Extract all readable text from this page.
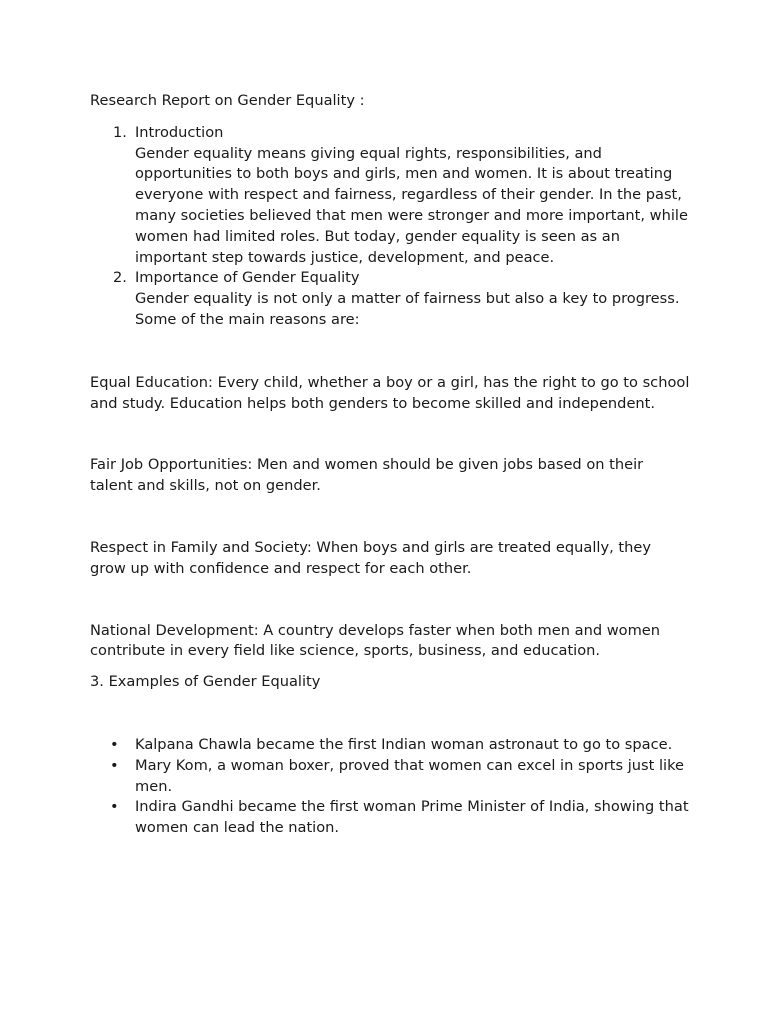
Research Report on Gender Equality :

1. Introduction

Gender equality means giving equal rights, responsibilities, and opportunities to both boys and girls, men and women. It is about treating everyone with respect and fairness, regardless of their gender. In the past, many societies believed that men were stronger and more important, while women had limited roles. But today, gender equality is seen as an important step towards justice, development, and peace.

2. Importance of Gender Equality

Gender equality is not only a matter of fairness but also a key to progress. Some of the main reasons are:

Equal Education: Every child, whether a boy or a girl, has the right to go to school and study. Education helps both genders to become skilled and independent.

Fair Job Opportunities: Men and women should be given jobs based on their talent and skills, not on gender.

Respect in Family and Society: When boys and girls are treated equally, they grow up with confidence and respect for each other.

National Development: A country develops faster when both men and women contribute in every field like science, sports, business, and education.

3. Examples of Gender Equality

• Kalpana Chawla became the first Indian woman astronaut to go to space.
• Mary Kom, a woman boxer, proved that women can excel in sports just like men.
• Indira Gandhi became the first woman Prime Minister of India, showing that women can lead the nation.
